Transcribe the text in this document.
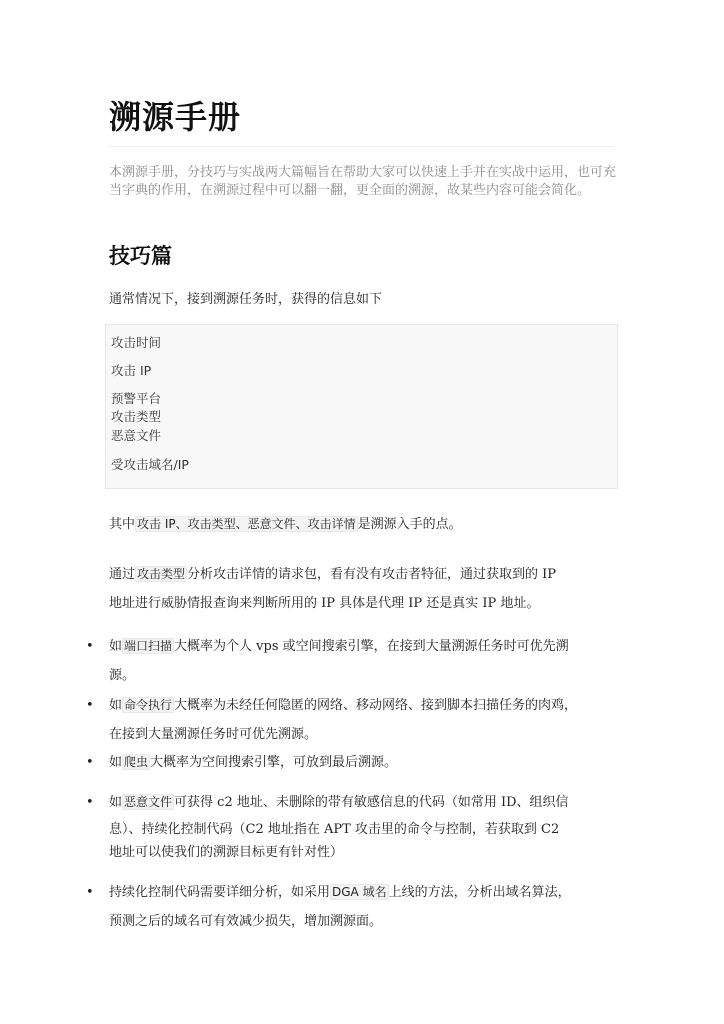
溯源手册
本溯源手册，分技巧与实战两大篇幅旨在帮助大家可以快速上手并在实战中运用，也可充当字典的作用，在溯源过程中可以翻一翻，更全面的溯源，故某些内容可能会简化。
技巧篇
通常情况下，接到溯源任务时，获得的信息如下
攻击时间
攻击 IP
预警平台
攻击类型
恶意文件
受攻击域名/IP
其中 攻击 IP、攻击类型、恶意文件、攻击详情 是溯源入手的点。
通过 攻击类型 分析攻击详情的请求包，看有没有攻击者特征，通过获取到的 IP
地址进行威胁情报查询来判断所用的 IP 具体是代理 IP 还是真实 IP 地址。
• 如 端口扫描 大概率为个人 vps 或空间搜索引擎，在接到大量溯源任务时可优先溯
源。
• 如 命令执行 大概率为未经任何隐匿的网络、移动网络、接到脚本扫描任务的肉鸡，
在接到大量溯源任务时可优先溯源。
• 如 爬虫 大概率为空间搜索引擎，可放到最后溯源。
• 如 恶意文件 可获得 c2 地址、未删除的带有敏感信息的代码（如常用 ID、组织信
息）、持续化控制代码（C2 地址指在 APT 攻击里的命令与控制，若获取到 C2
地址可以使我们的溯源目标更有针对性）
• 持续化控制代码需要详细分析，如采用 DGA 域名 上线的方法，分析出域名算法，
预测之后的域名可有效减少损失，增加溯源面。
